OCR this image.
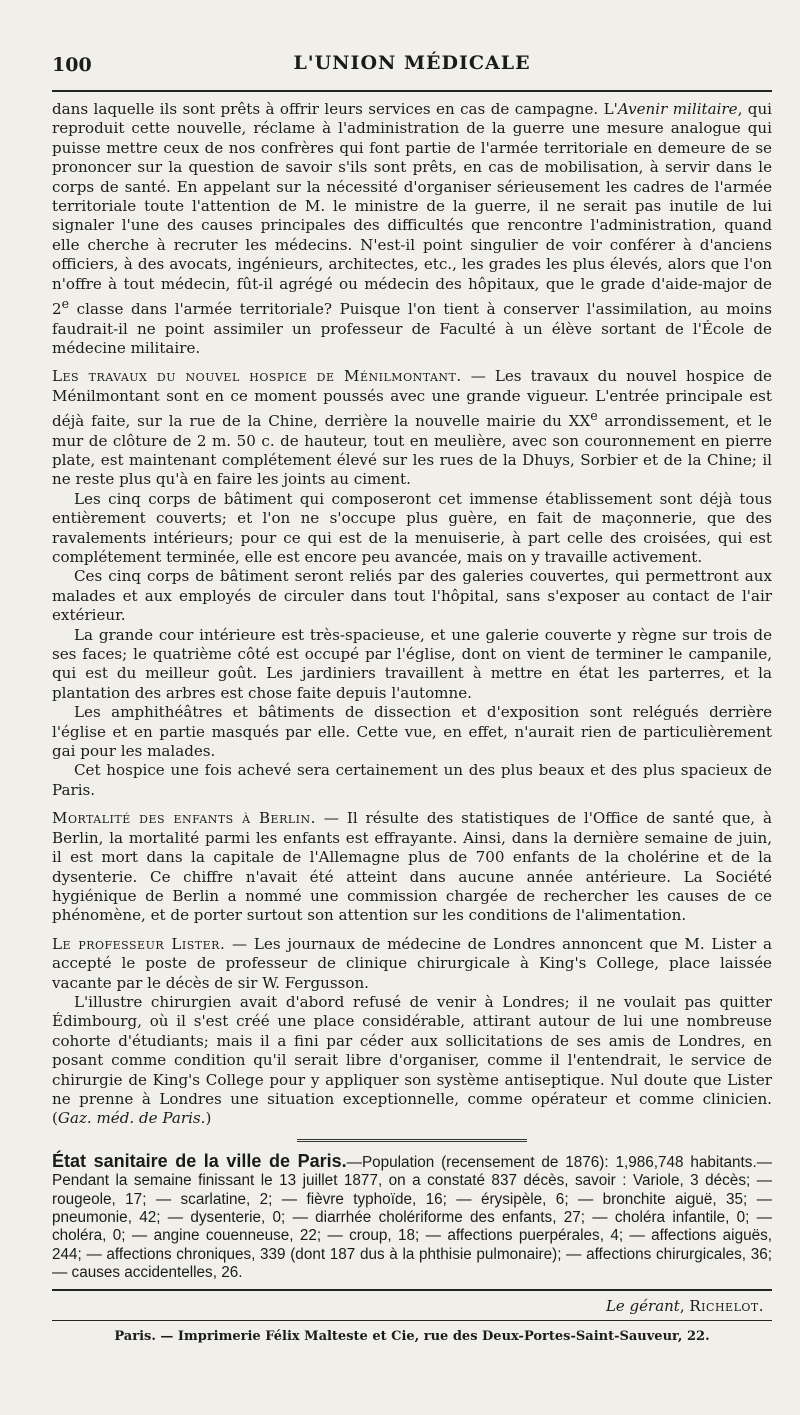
100	L'UNION MÉDICALE

dans laquelle ils sont prêts à offrir leurs services en cas de campagne. L'Avenir militaire, qui reproduit cette nouvelle, réclame à l'administration de la guerre une mesure analogue qui puisse mettre ceux de nos confrères qui font partie de l'armée territoriale en demeure de se prononcer sur la question de savoir s'ils sont prêts, en cas de mobilisation, à servir dans le corps de santé. En appelant sur la nécessité d'organiser sérieusement les cadres de l'armée territoriale toute l'attention de M. le ministre de la guerre, il ne serait pas inutile de lui signaler l'une des causes principales des difficultés que rencontre l'administration, quand elle cherche à recruter les médecins. N'est-il point singulier de voir conférer à d'anciens officiers, à des avocats, ingénieurs, architectes, etc., les grades les plus élevés, alors que l'on n'offre à tout médecin, fût-il agrégé ou médecin des hôpitaux, que le grade d'aide-major de 2e classe dans l'armée territoriale? Puisque l'on tient à conserver l'assimilation, au moins faudrait-il ne point assimiler un professeur de Faculté à un élève sortant de l'École de médecine militaire.

Les travaux du nouvel hospice de Ménilmontant. — Les travaux du nouvel hospice de Ménilmontant sont en ce moment poussés avec une grande vigueur. L'entrée principale est déjà faite, sur la rue de la Chine, derrière la nouvelle mairie du XXe arrondissement, et le mur de clôture de 2 m. 50 c. de hauteur, tout en meulière, avec son couronnement en pierre plate, est maintenant complétement élevé sur les rues de la Dhuys, Sorbier et de la Chine; il ne reste plus qu'à en faire les joints au ciment.

Les cinq corps de bâtiment qui composeront cet immense établissement sont déjà tous entièrement couverts; et l'on ne s'occupe plus guère, en fait de maçonnerie, que des ravalements intérieurs; pour ce qui est de la menuiserie, à part celle des croisées, qui est complétement terminée, elle est encore peu avancée, mais on y travaille activement.

Ces cinq corps de bâtiment seront reliés par des galeries couvertes, qui permettront aux malades et aux employés de circuler dans tout l'hôpital, sans s'exposer au contact de l'air extérieur.

La grande cour intérieure est très-spacieuse, et une galerie couverte y règne sur trois de ses faces; le quatrième côté est occupé par l'église, dont on vient de terminer le campanile, qui est du meilleur goût. Les jardiniers travaillent à mettre en état les parterres, et la plantation des arbres est chose faite depuis l'automne.

Les amphithéâtres et bâtiments de dissection et d'exposition sont relégués derrière l'église et en partie masqués par elle. Cette vue, en effet, n'aurait rien de particulièrement gai pour les malades.

Cet hospice une fois achevé sera certainement un des plus beaux et des plus spacieux de Paris.

Mortalité des enfants à Berlin. — Il résulte des statistiques de l'Office de santé que, à Berlin, la mortalité parmi les enfants est effrayante. Ainsi, dans la dernière semaine de juin, il est mort dans la capitale de l'Allemagne plus de 700 enfants de la cholérine et de la dysenterie. Ce chiffre n'avait été atteint dans aucune année antérieure. La Société hygiénique de Berlin a nommé une commission chargée de rechercher les causes de ce phénomène, et de porter surtout son attention sur les conditions de l'alimentation.

Le professeur Lister. — Les journaux de médecine de Londres annoncent que M. Lister a accepté le poste de professeur de clinique chirurgicale à King's College, place laissée vacante par le décès de sir W. Fergusson.

L'illustre chirurgien avait d'abord refusé de venir à Londres; il ne voulait pas quitter Édimbourg, où il s'est créé une place considérable, attirant autour de lui une nombreuse cohorte d'étudiants; mais il a fini par céder aux sollicitations de ses amis de Londres, en posant comme condition qu'il serait libre d'organiser, comme il l'entendrait, le service de chirurgie de King's College pour y appliquer son système antiseptique. Nul doute que Lister ne prenne à Londres une situation exceptionnelle, comme opérateur et comme clinicien. (Gaz. méd. de Paris.)

État sanitaire de la ville de Paris.—Population (recensement de 1876): 1,986,748 habitants.—Pendant la semaine finissant le 13 juillet 1877, on a constaté 837 décès, savoir : Variole, 3 décès; — rougeole, 17; — scarlatine, 2; — fièvre typhoïde, 16; — érysipèle, 6; — bronchite aiguë, 35; — pneumonie, 42; — dysenterie, 0; — diarrhée cholériforme des enfants, 27; — choléra infantile, 0; — choléra, 0; — angine couenneuse, 22; — croup, 18; — affections puerpérales, 4; — affections aiguës, 244; — affections chroniques, 339 (dont 187 dus à la phthisie pulmonaire); — affections chirurgicales, 36; — causes accidentelles, 26.
Le gérant, Richelot.
Paris. — Imprimerie Félix Malteste et Cie, rue des Deux-Portes-Saint-Sauveur, 22.
